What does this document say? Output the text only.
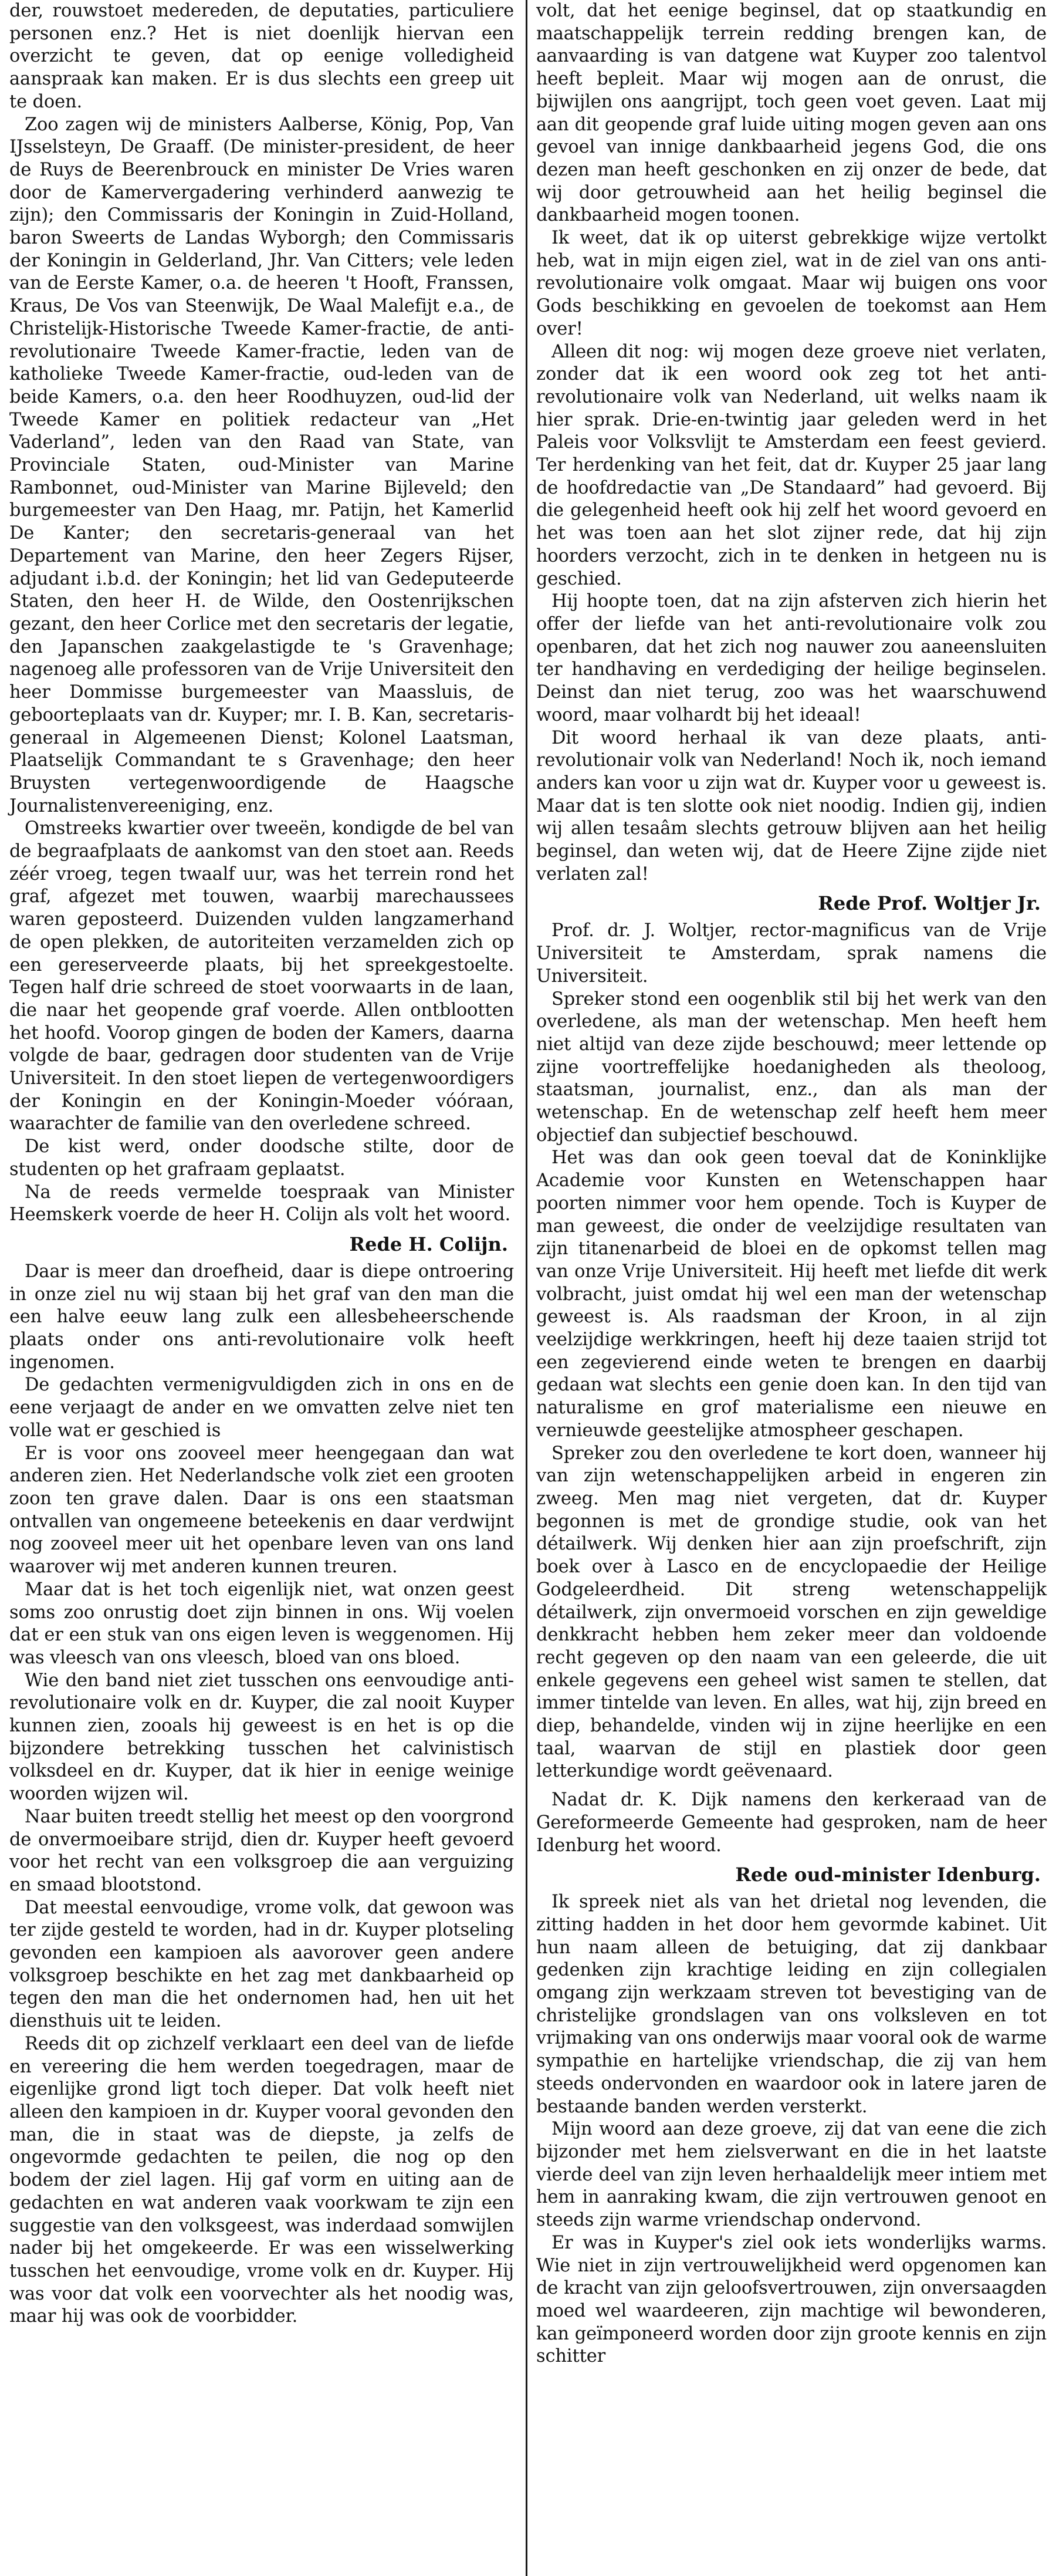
der, rouwstoet medereden, de deputaties, particuliere personen enz.? Het is niet doenlijk hiervan een overzicht te geven, dat op eenige volledigheid aanspraak kan maken. Er is dus slechts een greep uit te doen.

Zoo zagen wij de ministers Aalberse, König, Pop, Van IJsselsteyn, De Graaff. (De minister-president, de heer de Ruys de Beerenbrouck en minister De Vries waren door de Kamervergadering verhinderd aanwezig te zijn); den Commissaris der Koningin in Zuid-Holland, baron Sweerts de Landas Wyborgh; den Commissaris der Koningin in Gelderland, Jhr. Van Citters; vele leden van de Eerste Kamer, o.a. de heeren 't Hooft, Franssen, Kraus, De Vos van Steenwijk, De Waal Malefijt e.a., de Christelijk-Historische Tweede Kamer-fractie, de anti-revolutionaire Tweede Kamer-fractie, leden van de katholieke Tweede Kamer-fractie, oud-leden van de beide Kamers, o.a. den heer Roodhuyzen, oud-lid der Tweede Kamer en politiek redacteur van „Het Vaderland”, leden van den Raad van State, van Provinciale Staten, oud-Minister van Marine Rambonnet, oud-Minister van Marine Bijleveld; den burgemeester van Den Haag, mr. Patijn, het Kamerlid De Kanter; den secretaris-generaal van het Departement van Marine, den heer Zegers Rijser, adjudant i.b.d. der Koningin; het lid van Gedeputeerde Staten, den heer H. de Wilde, den Oostenrijkschen gezant, den heer Corlice met den secretaris der legatie, den Japanschen zaakgelastigde te 's Gravenhage; nagenoeg alle professoren van de Vrije Universiteit den heer Dommisse burgemeester van Maassluis, de geboorteplaats van dr. Kuyper; mr. I. B. Kan, secretaris-generaal in Algemeenen Dienst; Kolonel Laatsman, Plaatselijk Commandant te s Gravenhage; den heer Bruysten vertegenwoordigende de Haagsche Journalistenvereeniging, enz.

Omstreeks kwartier over tweeën, kondigde de bel van de begraafplaats de aankomst van den stoet aan. Reeds zéér vroeg, tegen twaalf uur, was het terrein rond het graf, afgezet met touwen, waarbij marechaussees waren geposteerd. Duizenden vulden langzamerhand de open plekken, de autoriteiten verzamelden zich op een gereserveerde plaats, bij het spreekgestoelte. Tegen half drie schreed de stoet voorwaarts in de laan, die naar het geopende graf voerde. Allen ontblootten het hoofd. Voorop gingen de boden der Kamers, daarna volgde de baar, gedragen door studenten van de Vrije Universiteit. In den stoet liepen de vertegenwoordigers der Koningin en der Koningin-Moeder vóóraan, waarachter de familie van den overledene schreed.

De kist werd, onder doodsche stilte, door de studenten op het grafraam geplaatst.

Na de reeds vermelde toespraak van Minister Heemskerk voerde de heer H. Colijn als volt het woord.

Rede H. Colijn.

Daar is meer dan droefheid, daar is diepe ontroering in onze ziel nu wij staan bij het graf van den man die een halve eeuw lang zulk een allesbeheerschende plaats onder ons anti-revolutionaire volk heeft ingenomen.

De gedachten vermenigvuldigden zich in ons en de eene verjaagt de ander en we omvatten zelve niet ten volle wat er geschied is

Er is voor ons zooveel meer heengegaan dan wat anderen zien. Het Nederlandsche volk ziet een grooten zoon ten grave dalen. Daar is ons een staatsman ontvallen van ongemeene beteekenis en daar verdwijnt nog zooveel meer uit het openbare leven van ons land waarover wij met anderen kunnen treuren.

Maar dat is het toch eigenlijk niet, wat onzen geest soms zoo onrustig doet zijn binnen in ons. Wij voelen dat er een stuk van ons eigen leven is weggenomen. Hij was vleesch van ons vleesch, bloed van ons bloed.

Wie den band niet ziet tusschen ons eenvoudige anti-revolutionaire volk en dr. Kuyper, die zal nooit Kuyper kunnen zien, zooals hij geweest is en het is op die bijzondere betrekking tusschen het calvinistisch volksdeel en dr. Kuyper, dat ik hier in eenige weinige woorden wijzen wil.

Naar buiten treedt stellig het meest op den voorgrond de onvermoeibare strijd, dien dr. Kuyper heeft gevoerd voor het recht van een volksgroep die aan verguizing en smaad blootstond.

Dat meestal eenvoudige, vrome volk, dat gewoon was ter zijde gesteld te worden, had in dr. Kuyper plotseling gevonden een kampioen als aavorover geen andere volksgroep beschikte en het zag met dankbaarheid op tegen den man die het ondernomen had, hen uit het diensthuis uit te leiden.

Reeds dit op zichzelf verklaart een deel van de liefde en vereering die hem werden toegedragen, maar de eigenlijke grond ligt toch dieper. Dat volk heeft niet alleen den kampioen in dr. Kuyper vooral gevonden den man, die in staat was de diepste, ja zelfs de ongevormde gedachten te peilen, die nog op den bodem der ziel lagen. Hij gaf vorm en uiting aan de gedachten en wat anderen vaak voorkwam te zijn een suggestie van den volksgeest, was inderdaad somwijlen nader bij het omgekeerde. Er was een wisselwerking tusschen het eenvoudige, vrome volk en dr. Kuyper. Hij was voor dat volk een voorvechter als het noodig was, maar hij was ook de voorbidder.

volt, dat het eenige beginsel, dat op staatkundig en maatschappelijk terrein redding brengen kan, de aanvaarding is van datgene wat Kuyper zoo talentvol heeft bepleit. Maar wij mogen aan de onrust, die bijwijlen ons aangrijpt, toch geen voet geven. Laat mij aan dit geopende graf luide uiting mogen geven aan ons gevoel van innige dankbaarheid jegens God, die ons dezen man heeft geschonken en zij onzer de bede, dat wij door getrouwheid aan het heilig beginsel die dankbaarheid mogen toonen.

Ik weet, dat ik op uiterst gebrekkige wijze vertolkt heb, wat in mijn eigen ziel, wat in de ziel van ons anti-revolutionaire volk omgaat. Maar wij buigen ons voor Gods beschikking en gevoelen de toekomst aan Hem over!

Alleen dit nog: wij mogen deze groeve niet verlaten, zonder dat ik een woord ook zeg tot het anti-revolutionaire volk van Nederland, uit welks naam ik hier sprak. Drie-en-twintig jaar geleden werd in het Paleis voor Volksvlijt te Amsterdam een feest gevierd. Ter herdenking van het feit, dat dr. Kuyper 25 jaar lang de hoofdredactie van „De Standaard” had gevoerd. Bij die gelegenheid heeft ook hij zelf het woord gevoerd en het was toen aan het slot zijner rede, dat hij zijn hoorders verzocht, zich in te denken in hetgeen nu is geschied.

Hij hoopte toen, dat na zijn afsterven zich hierin het offer der liefde van het anti-revolutionaire volk zou openbaren, dat het zich nog nauwer zou aaneensluiten ter handhaving en verdediging der heilige beginselen. Deinst dan niet terug, zoo was het waarschuwend woord, maar volhardt bij het ideaal!

Dit woord herhaal ik van deze plaats, anti-revolutionair volk van Nederland! Noch ik, noch iemand anders kan voor u zijn wat dr. Kuyper voor u geweest is. Maar dat is ten slotte ook niet noodig. Indien gij, indien wij allen tesaâm slechts getrouw blijven aan het heilig beginsel, dan weten wij, dat de Heere Zijne zijde niet verlaten zal!

Rede Prof. Woltjer Jr.

Prof. dr. J. Woltjer, rector-magnificus van de Vrije Universiteit te Amsterdam, sprak namens die Universiteit.

Spreker stond een oogenblik stil bij het werk van den overledene, als man der wetenschap. Men heeft hem niet altijd van deze zijde beschouwd; meer lettende op zijne voortreffelijke hoedanigheden als theoloog, staatsman, journalist, enz., dan als man der wetenschap. En de wetenschap zelf heeft hem meer objectief dan subjectief beschouwd.

Het was dan ook geen toeval dat de Koninklijke Academie voor Kunsten en Wetenschappen haar poorten nimmer voor hem opende. Toch is Kuyper de man geweest, die onder de veelzijdige resultaten van zijn titanenarbeid de bloei en de opkomst tellen mag van onze Vrije Universiteit. Hij heeft met liefde dit werk volbracht, juist omdat hij wel een man der wetenschap geweest is. Als raadsman der Kroon, in al zijn veelzijdige werkkringen, heeft hij deze taaien strijd tot een zegevierend einde weten te brengen en daarbij gedaan wat slechts een genie doen kan. In den tijd van naturalisme en grof materialisme een nieuwe en vernieuwde geestelijke atmospheer geschapen.

Spreker zou den overledene te kort doen, wanneer hij van zijn wetenschappelijken arbeid in engeren zin zweeg. Men mag niet vergeten, dat dr. Kuyper begonnen is met de grondige studie, ook van het détailwerk. Wij denken hier aan zijn proefschrift, zijn boek over à Lasco en de encyclopaedie der Heilige Godgeleerdheid. Dit streng wetenschappelijk détailwerk, zijn onvermoeid vorschen en zijn geweldige denkkracht hebben hem zeker meer dan voldoende recht gegeven op den naam van een geleerde, die uit enkele gegevens een geheel wist samen te stellen, dat immer tintelde van leven. En alles, wat hij, zijn breed en diep, behandelde, vinden wij in zijne heerlijke en een taal, waarvan de stijl en plastiek door geen letterkundige wordt geëvenaard.

Nadat dr. K. Dijk namens den kerkeraad van de Gereformeerde Gemeente had gesproken, nam de heer Idenburg het woord.

Rede oud-minister Idenburg.

Ik spreek niet als van het drietal nog levenden, die zitting hadden in het door hem gevormde kabinet. Uit hun naam alleen de betuiging, dat zij dankbaar gedenken zijn krachtige leiding en zijn collegialen omgang zijn werkzaam streven tot bevestiging van de christelijke grondslagen van ons volksleven en tot vrijmaking van ons onderwijs maar vooral ook de warme sympathie en hartelijke vriendschap, die zij van hem steeds ondervonden en waardoor ook in latere jaren de bestaande banden werden versterkt.

Mijn woord aan deze groeve, zij dat van eene die zich bijzonder met hem zielsverwant en die in het laatste vierde deel van zijn leven herhaaldelijk meer intiem met hem in aanraking kwam, die zijn vertrouwen genoot en steeds zijn warme vriendschap ondervond.

Er was in Kuyper's ziel ook iets wonderlijks warms. Wie niet in zijn vertrouwelijkheid werd opgenomen kan de kracht van zijn geloofsvertrouwen, zijn onversaagden moed wel waardeeren, zijn machtige wil bewonderen, kan geïmponeerd worden door zijn groote kennis en zijn schitter
